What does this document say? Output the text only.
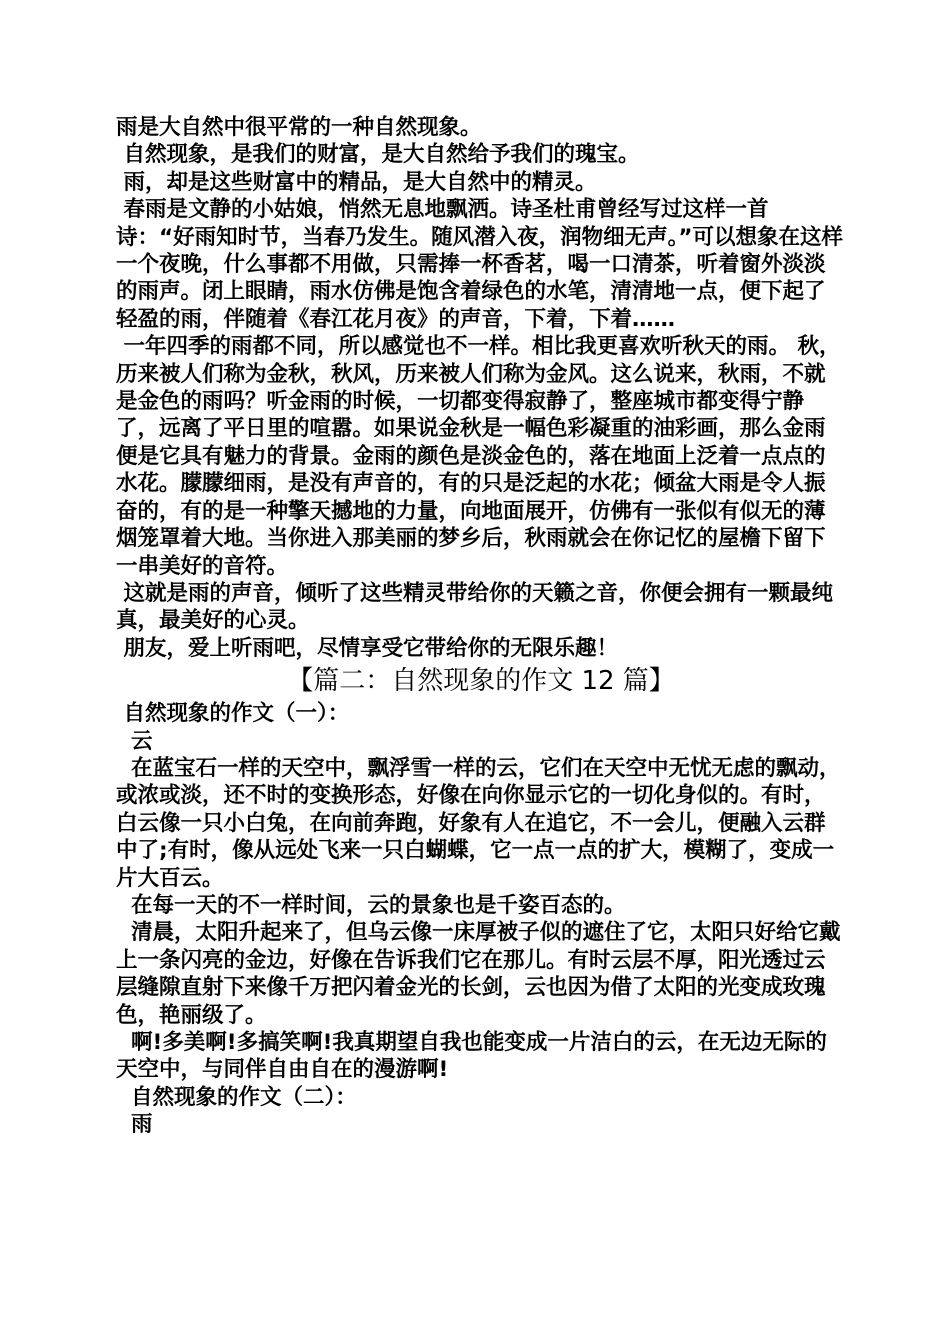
雨是大自然中很平常的一种自然现象。

自然现象，是我们的财富，是大自然给予我们的瑰宝。

雨，却是这些财富中的精品，是大自然中的精灵。

春雨是文静的小姑娘，悄然无息地飘洒。诗圣杜甫曾经写过这样一首诗：“好雨知时节，当春乃发生。随风潜入夜，润物细无声。”可以想象在这样一个夜晚，什么事都不用做，只需捧一杯香茗，喝一口清茶，听着窗外淡淡的雨声。闭上眼睛，雨水仿佛是饱含着绿色的水笔，清清地一点，便下起了轻盈的雨，伴随着《春江花月夜》的声音，下着，下着……

一年四季的雨都不同，所以感觉也不一样。相比我更喜欢听秋天的雨。 秋，历来被人们称为金秋，秋风，历来被人们称为金风。这么说来，秋雨，不就是金色的雨吗？听金雨的时候，一切都变得寂静了，整座城市都变得宁静了，远离了平日里的喧嚣。如果说金秋是一幅色彩凝重的油彩画，那么金雨便是它具有魅力的背景。金雨的颜色是淡金色的，落在地面上泛着一点点的水花。朦朦细雨，是没有声音的，有的只是泛起的水花；倾盆大雨是令人振奋的，有的是一种擎天撼地的力量，向地面展开，仿佛有一张似有似无的薄烟笼罩着大地。当你进入那美丽的梦乡后，秋雨就会在你记忆的屋檐下留下一串美好的音符。

这就是雨的声音，倾听了这些精灵带给你的天籁之音，你便会拥有一颗最纯真，最美好的心灵。

朋友，爱上听雨吧，尽情享受它带给你的无限乐趣！

【篇二：自然现象的作文 12 篇】

自然现象的作文（一）：

云

在蓝宝石一样的天空中，飘浮雪一样的云，它们在天空中无忧无虑的飘动，或浓或淡，还不时的变换形态，好像在向你显示它的一切化身似的。有时，白云像一只小白兔，在向前奔跑，好象有人在追它，不一会儿，便融入云群中了;有时，像从远处飞来一只白蝴蝶，它一点一点的扩大，模糊了，变成一片大百云。

在每一天的不一样时间，云的景象也是千姿百态的。

清晨，太阳升起来了，但乌云像一床厚被子似的遮住了它，太阳只好给它戴上一条闪亮的金边，好像在告诉我们它在那儿。有时云层不厚，阳光透过云层缝隙直射下来像千万把闪着金光的长剑，云也因为借了太阳的光变成玫瑰色，艳丽级了。

啊!多美啊!多搞笑啊!我真期望自我也能变成一片洁白的云，在无边无际的天空中，与同伴自由自在的漫游啊!

自然现象的作文（二）：

雨
